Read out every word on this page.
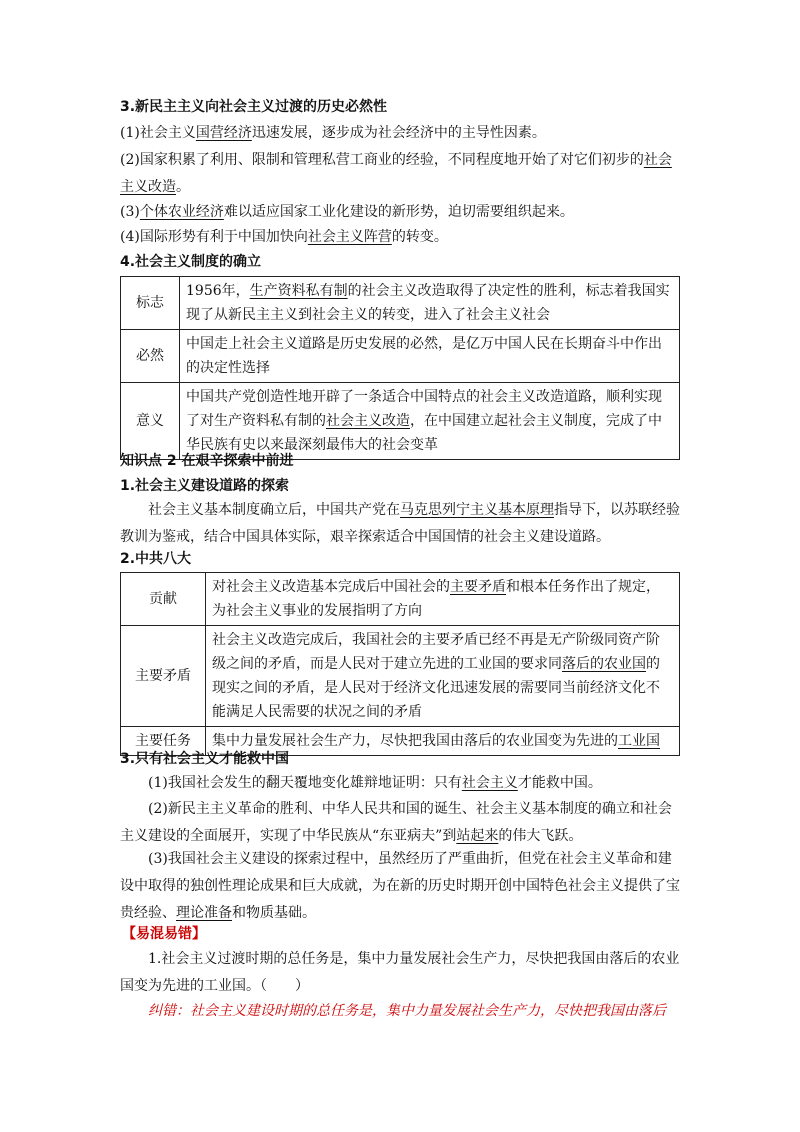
3.新民主主义向社会主义过渡的历史必然性
(1)社会主义国营经济迅速发展，逐步成为社会经济中的主导性因素。
(2)国家积累了利用、限制和管理私营工商业的经验，不同程度地开始了对它们初步的社会主义改造。
(3)个体农业经济难以适应国家工业化建设的新形势，迫切需要组织起来。
(4)国际形势有利于中国加快向社会主义阵营的转变。
4.社会主义制度的确立
标志	1956年，生产资料私有制的社会主义改造取得了决定性的胜利，标志着我国实现了从新民主主义到社会主义的转变，进入了社会主义社会
必然	中国走上社会主义道路是历史发展的必然，是亿万中国人民在长期奋斗中作出的决定性选择
意义	中国共产党创造性地开辟了一条适合中国特点的社会主义改造道路，顺利实现了对生产资料私有制的社会主义改造，在中国建立起社会主义制度，完成了中华民族有史以来最深刻最伟大的社会变革
知识点 2 在艰辛探索中前进
1.社会主义建设道路的探索
社会主义基本制度确立后，中国共产党在马克思列宁主义基本原理指导下，以苏联经验教训为鉴戒，结合中国具体实际，艰辛探索适合中国国情的社会主义建设道路。
2.中共八大
贡献	对社会主义改造基本完成后中国社会的主要矛盾和根本任务作出了规定，为社会主义事业的发展指明了方向
主要矛盾	社会主义改造完成后，我国社会的主要矛盾已经不再是无产阶级同资产阶级之间的矛盾，而是人民对于建立先进的工业国的要求同落后的农业国的现实之间的矛盾，是人民对于经济文化迅速发展的需要同当前经济文化不能满足人民需要的状况之间的矛盾
主要任务	集中力量发展社会生产力，尽快把我国由落后的农业国变为先进的工业国
3.只有社会主义才能救中国
(1)我国社会发生的翻天覆地变化雄辩地证明：只有社会主义才能救中国。
(2)新民主主义革命的胜利、中华人民共和国的诞生、社会主义基本制度的确立和社会主义建设的全面展开，实现了中华民族从“东亚病夫”到站起来的伟大飞跃。
(3)我国社会主义建设的探索过程中，虽然经历了严重曲折，但党在社会主义革命和建设中取得的独创性理论成果和巨大成就，为在新的历史时期开创中国特色社会主义提供了宝贵经验、理论准备和物质基础。
【易混易错】
1.社会主义过渡时期的总任务是，集中力量发展社会生产力，尽快把我国由落后的农业国变为先进的工业国。（　　）
纠错：社会主义建设时期的总任务是，集中力量发展社会生产力，尽快把我国由落后
